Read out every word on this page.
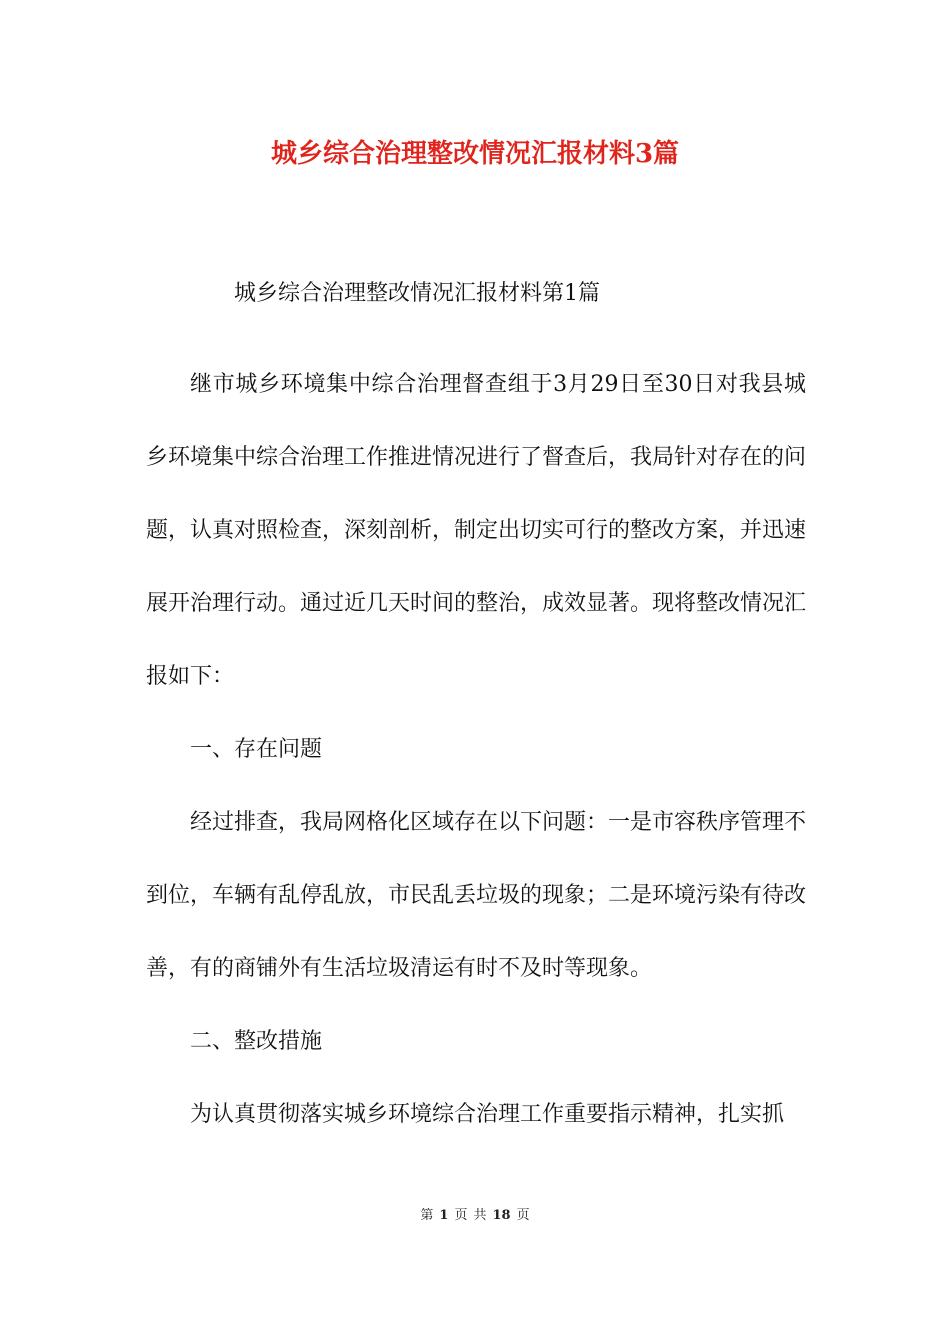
城乡综合治理整改情况汇报材料3篇
城乡综合治理整改情况汇报材料第1篇

继市城乡环境集中综合治理督查组于3月29日至30日对我县城乡环境集中综合治理工作推进情况进行了督查后，我局针对存在的问题，认真对照检查，深刻剖析，制定出切实可行的整改方案，并迅速展开治理行动。通过近几天时间的整治，成效显著。现将整改情况汇报如下：

一、存在问题

经过排查，我局网格化区域存在以下问题：一是市容秩序管理不到位，车辆有乱停乱放，市民乱丢垃圾的现象；二是环境污染有待改善，有的商铺外有生活垃圾清运有时不及时等现象。

二、整改措施

为认真贯彻落实城乡环境综合治理工作重要指示精神，扎实抓

第 1 页 共 18 页
